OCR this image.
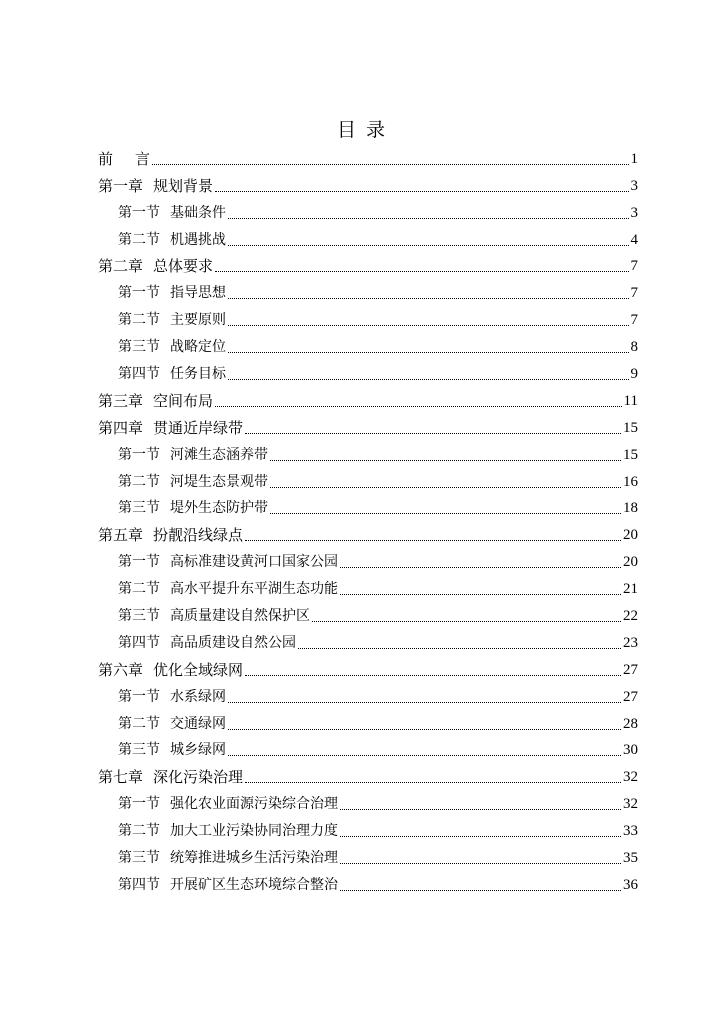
目 录
前 言	1
第一章 规划背景	3
第一节 基础条件	3
第二节 机遇挑战	4
第二章 总体要求	7
第一节 指导思想	7
第二节 主要原则	7
第三节 战略定位	8
第四节 任务目标	9
第三章 空间布局	11
第四章 贯通近岸绿带	15
第一节 河滩生态涵养带	15
第二节 河堤生态景观带	16
第三节 堤外生态防护带	18
第五章 扮靓沿线绿点	20
第一节 高标准建设黄河口国家公园	20
第二节 高水平提升东平湖生态功能	21
第三节 高质量建设自然保护区	22
第四节 高品质建设自然公园	23
第六章 优化全域绿网	27
第一节 水系绿网	27
第二节 交通绿网	28
第三节 城乡绿网	30
第七章 深化污染治理	32
第一节 强化农业面源污染综合治理	32
第二节 加大工业污染协同治理力度	33
第三节 统筹推进城乡生活污染治理	35
第四节 开展矿区生态环境综合整治	36
